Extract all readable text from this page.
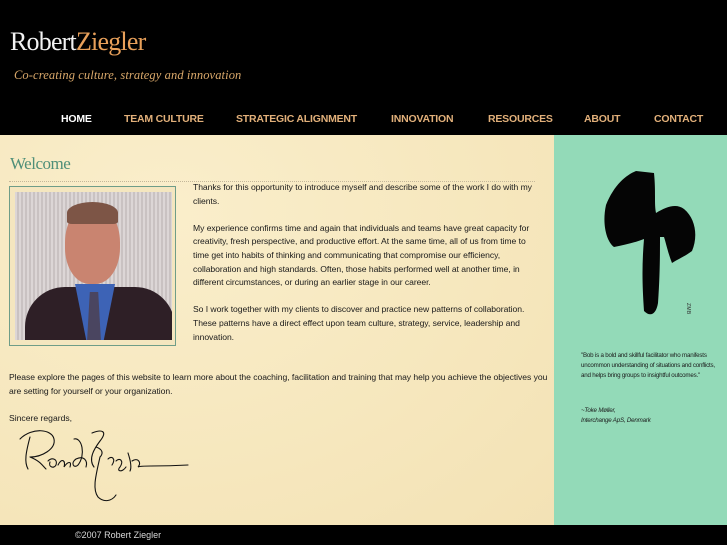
RobertZiegler
Co-creating culture, strategy and innovation
HOME	TEAM CULTURE	STRATEGIC ALIGNMENT	INNOVATION	RESOURCES	ABOUT	CONTACT
Welcome

Thanks for this opportunity to introduce myself and describe some of the work I do with my clients.

My experience confirms time and again that individuals and teams have great capacity for creativity, fresh perspective, and productive effort. At the same time, all of us from time to time get into habits of thinking and communicating that compromise our efficiency, collaboration and high standards. Often, those habits performed well at another time, in different circumstances, or during an earlier stage in our career.

So I work together with my clients to discover and practice new patterns of collaboration. These patterns have a direct effect upon team culture, strategy, service, leadership and innovation.

Please explore the pages of this website to learn more about the coaching, facilitation and training that may help you achieve the objectives you are setting for yourself or your organization.
Sincere regards,
ZMB
"Bob is a bold and skillful facilitator who manifests uncommon understanding of situations and conflicts, and helps bring groups to insightful outcomes."
~Toke Møller,
Interchange ApS, Denmark
©2007 Robert Ziegler
